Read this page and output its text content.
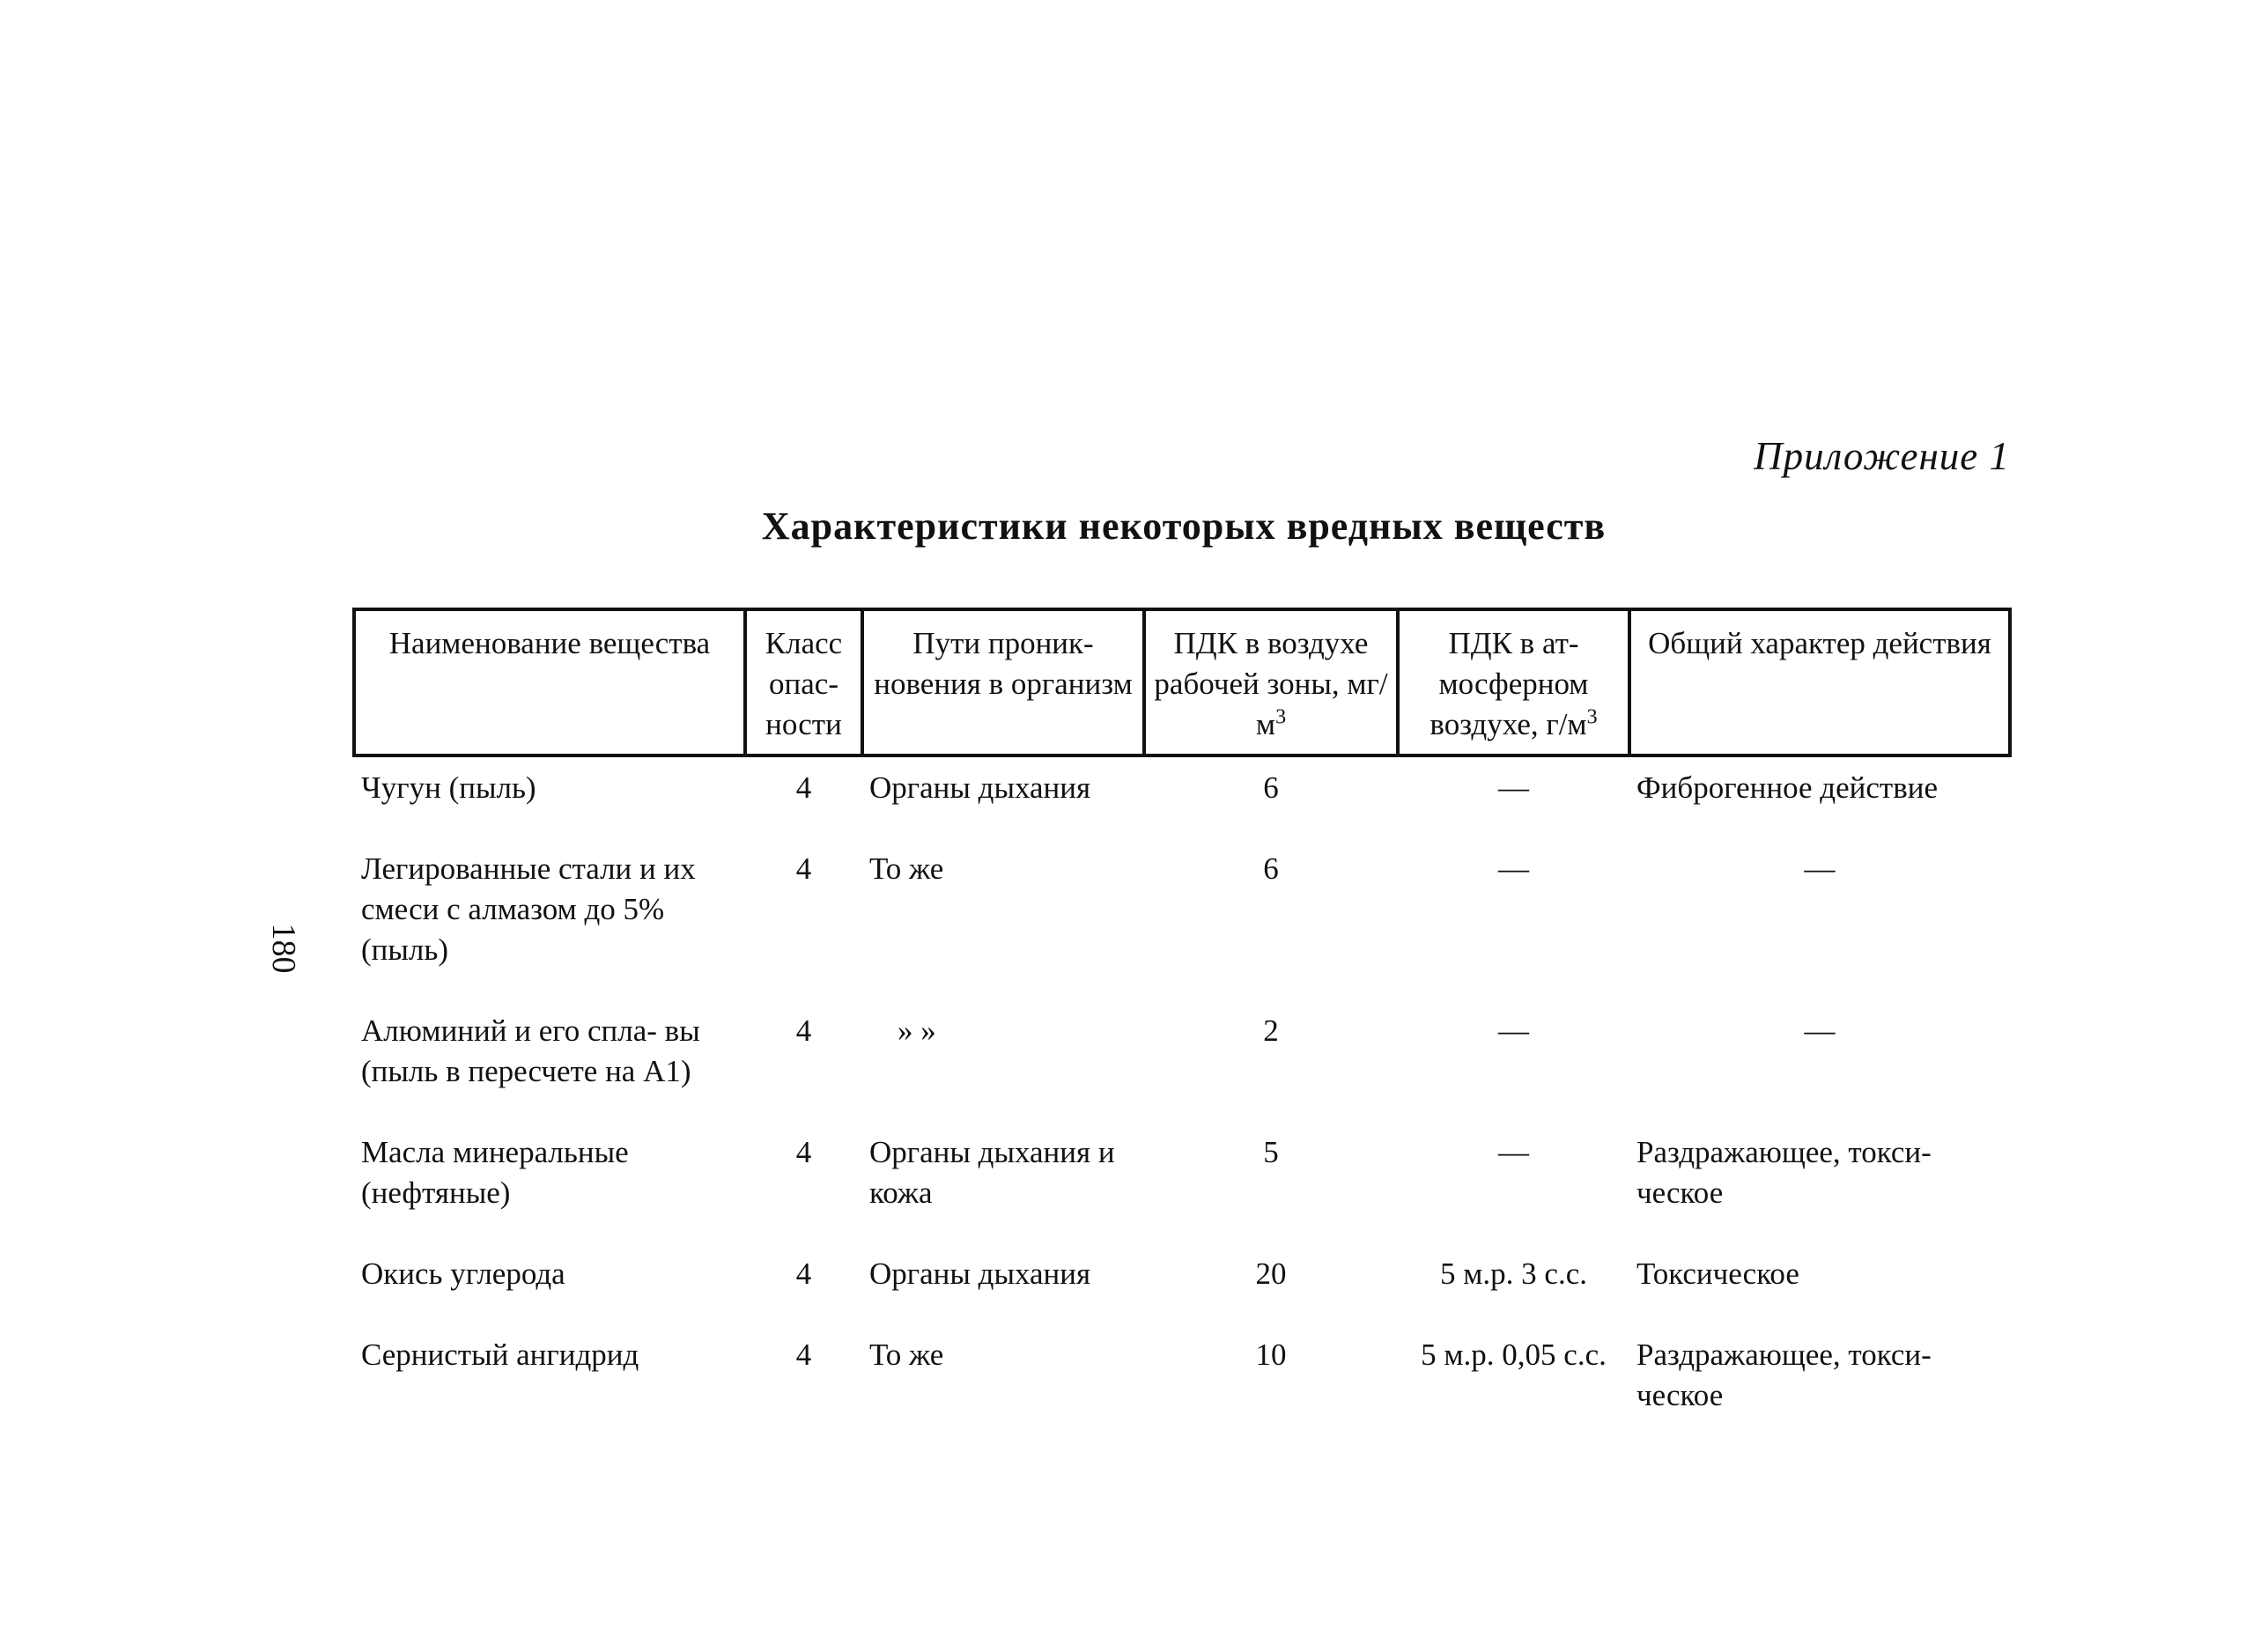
Приложение 1
Характеристики некоторых вредных веществ
180
Наименование вещества	Класс опас- ности	Пути проник- новения в организм	ПДК в воздухе рабочей зоны, $мг/м^3$	ПДК в ат- мосферном воздухе, $г/м^3$	Общий характер действия
Чугун (пыль)	4	Органы дыхания	6	—	Фиброгенное действие
Легированные стали и их смеси с алмазом до 5% (пыль)	4	То же	6	—	—
Алюминий и его спла- вы (пыль в пересчете на А1)	4	» »	2	—	—
Масла минеральные (нефтяные)	4	Органы дыхания и кожа	5	—	Раздражающее, токси- ческое
Окись углерода	4	Органы дыхания	20	5 м.р. 3 с.с.	Токсическое
Сернистый ангидрид	4	То же	10	5 м.р. 0,05 с.с.	Раздражающее, токси- ческое
